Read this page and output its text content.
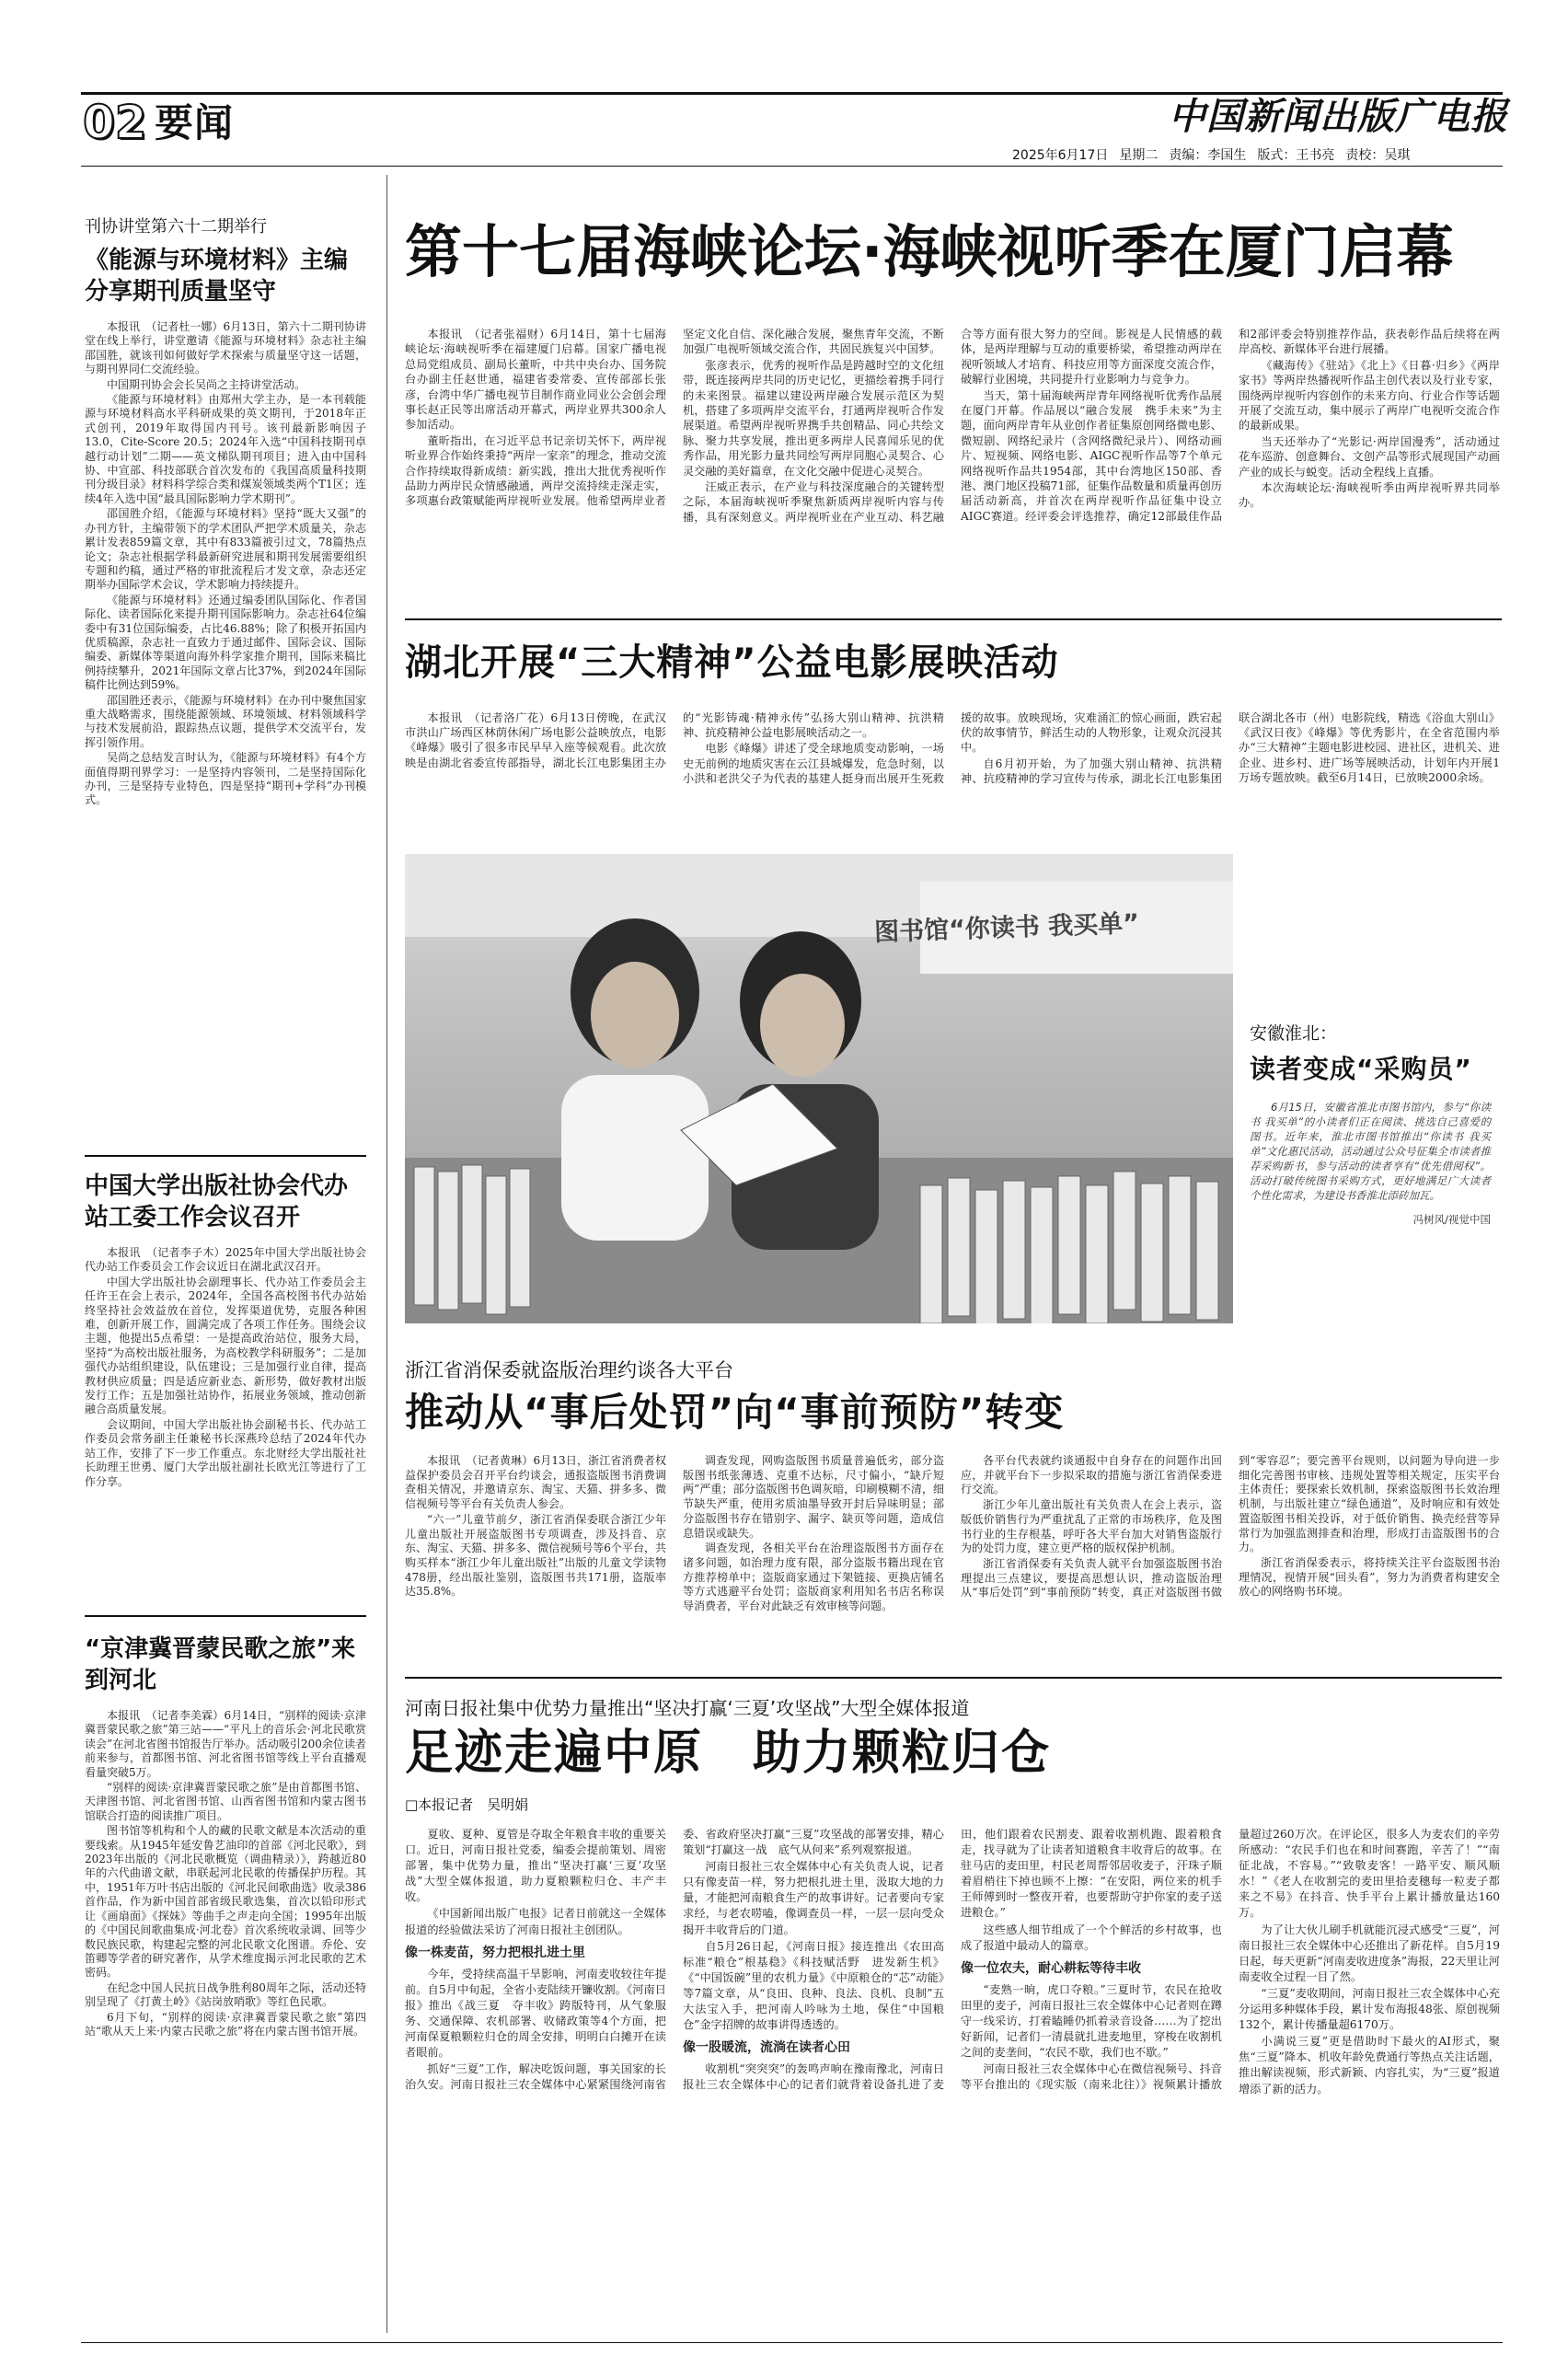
02 要闻	中国新闻出版广电报
2025年6月17日 星期二 责编：李国生 版式：王书亮 责校：吴琪
刊协讲堂第六十二期举行
《能源与环境材料》主编分享期刊质量坚守

本报讯　（记者杜一娜）6月13日，第六十二期刊协讲堂在线上举行，讲堂邀请《能源与环境材料》杂志社主编邵国胜，就该刊如何做好学术探索与质量坚守这一话题，与期刊界同仁交流经验。

中国期刊协会会长吴尚之主持讲堂活动。

《能源与环境材料》由郑州大学主办，是一本刊载能源与环境材料高水平科研成果的英文期刊，于2018年正式创刊，2019年取得国内刊号。该刊最新影响因子13.0，Cite-Score 20.5；2024年入选“中国科技期刊卓越行动计划”二期——英文梯队期刊项目；进入由中国科协、中宣部、科技部联合首次发布的《我国高质量科技期刊分级目录》材料科学综合类和煤炭领域类两个T1区；连续4年入选中国“最具国际影响力学术期刊”。

邵国胜介绍，《能源与环境材料》坚持“既大又强”的办刊方针，主编带领下的学术团队严把学术质量关，杂志累计发表859篇文章，其中有833篇被引过文，78篇热点论文；杂志社根据学科最新研究进展和期刊发展需要组织专题和约稿，通过严格的审批流程后才发文章，杂志还定期举办国际学术会议，学术影响力持续提升。

《能源与环境材料》还通过编委团队国际化、作者国际化、读者国际化来提升期刊国际影响力。杂志社64位编委中有31位国际编委，占比46.88%；除了积极开拓国内优质稿源，杂志社一直致力于通过邮件、国际会议、国际编委、新媒体等渠道向海外科学家推介期刊，国际来稿比例持续攀升，2021年国际文章占比37%，到2024年国际稿件比例达到59%。

邵国胜还表示，《能源与环境材料》在办刊中聚焦国家重大战略需求，围绕能源领域、环境领域、材料领域科学与技术发展前沿，跟踪热点议题，提供学术交流平台，发挥引领作用。

吴尚之总结发言时认为，《能源与环境材料》有4个方面值得期刊界学习：一是坚持内容领刊，二是坚持国际化办刊，三是坚持专业特色，四是坚持“期刊+学科”办刊模式。

中国大学出版社协会代办站工委工作会议召开

本报讯　（记者李子木）2025年中国大学出版社协会代办站工作委员会工作会议近日在湖北武汉召开。

中国大学出版社协会副理事长、代办站工作委员会主任许王在会上表示，2024年，全国各高校图书代办站始终坚持社会效益放在首位，发挥渠道优势，克服各种困难，创新开展工作，圆满完成了各项工作任务。围绕会议主题，他提出5点希望：一是提高政治站位，服务大局，坚持“为高校出版社服务，为高校教学科研服务”；二是加强代办站组织建设，队伍建设；三是加强行业自律，提高教材供应质量；四是适应新业态、新形势，做好教材出版发行工作；五是加强社站协作，拓展业务领域，推动创新融合高质量发展。

会议期间，中国大学出版社协会副秘书长、代办站工作委员会常务副主任兼秘书长深燕玲总结了2024年代办站工作，安排了下一步工作重点。东北财经大学出版社社长助理王世勇、厦门大学出版社副社长欧光江等进行了工作分享。

“京津冀晋蒙民歌之旅”来到河北

本报讯　（记者李美霖）6月14日，“别样的阅读·京津冀晋蒙民歌之旅”第三站——“平凡上的音乐会·河北民歌赏读会”在河北省图书馆报告厅举办。活动吸引200余位读者前来参与，首都图书馆、河北省图书馆等线上平台直播观看量突破5万。

“别样的阅读·京津冀晋蒙民歌之旅”是由首都图书馆、天津图书馆、河北省图书馆、山西省图书馆和内蒙古图书馆联合打造的阅读推广项目。

图书馆等机构和个人的藏的民歌文献是本次活动的重要线索。从1945年延安鲁艺油印的首部《河北民歌》，到2023年出版的《河北民歌概览（调曲精录）》，跨越近80年的六代曲谱文献，串联起河北民歌的传播保护历程。其中，1951年万叶书店出版的《河北民间歌曲选》收录386首作品，作为新中国首部省级民歌选集，首次以铅印形式让《画扇面》《探妹》等曲手之声走向全国；1995年出版的《中国民间歌曲集成·河北卷》首次系统收录调、回等少数民族民歌，构建起完整的河北民歌文化图谱。乔伦、安笛卿等学者的研究著作，从学术维度揭示河北民歌的艺术密码。

在纪念中国人民抗日战争胜利80周年之际，活动还特别呈现了《打黄土岭》《站岗放哨歌》等红色民歌。

6月下旬，“别样的阅读·京津冀晋蒙民歌之旅”第四站“歌从天上来·内蒙古民歌之旅”将在内蒙古图书馆开展。

第十七届海峡论坛·海峡视听季在厦门启幕

本报讯　（记者张福财）6月14日，第十七届海峡论坛·海峡视听季在福建厦门启幕。国家广播电视总局党组成员、副局长董昕，中共中央台办、国务院台办副主任赵世通，福建省委常委、宣传部部长张彦，台湾中华广播电视节目制作商业同业公会创会理事长赵正民等出席活动开幕式，两岸业界共300余人参加活动。

董昕指出，在习近平总书记亲切关怀下，两岸视听业界合作始终秉持“两岸一家亲”的理念，推动交流合作持续取得新成绩：新实践，推出大批优秀视听作品助力两岸民众情感融通，两岸交流持续走深走实，多项惠台政策赋能两岸视听业发展。他希望两岸业者坚定文化自信、深化融合发展，聚焦青年交流，不断加强广电视听领域交流合作，共固民族复兴中国梦。

张彦表示，优秀的视听作品是跨越时空的文化纽带，既连接两岸共同的历史记忆，更描绘着携手同行的未来图景。福建以建设两岸融合发展示范区为契机，搭建了多项两岸交流平台，打通两岸视听合作发展渠道。希望两岸视听界携手共创精品、同心共绘文脉、聚力共享发展，推出更多两岸人民喜闻乐见的优秀作品，用光影力量共同绘写两岸同胞心灵契合、心灵交融的美好篇章，在文化交融中促进心灵契合。

汪威正表示，在产业与科技深度融合的关键转型之际，本届海峡视听季聚焦新质两岸视听内容与传播，具有深刻意义。两岸视听业在产业互动、科艺融合等方面有很大努力的空间。影视是人民情感的载体，是两岸理解与互动的重要桥梁，希望推动两岸在视听领域人才培育、科技应用等方面深度交流合作，破解行业困境，共同提升行业影响力与竞争力。

当天，第十届海峡两岸青年网络视听优秀作品展在厦门开幕。作品展以“融合发展　携手未来”为主题，面向两岸青年从业创作者征集原创网络微电影、微短剧、网络纪录片（含网络微纪录片）、网络动画片、短视频、网络电影、AIGC视听作品等7个单元网络视听作品共1954部，其中台湾地区150部、香港、澳门地区投稿71部，征集作品数量和质量再创历届活动新高，并首次在两岸视听作品征集中设立AIGC赛道。经评委会评选推荐，确定12部最佳作品和2部评委会特别推荐作品，获表彰作品后续将在两岸高校、新媒体平台进行展播。

《藏海传》《驻站》《北上》《日暮·归乡》《两岸家书》等两岸热播视听作品主创代表以及行业专家，围绕两岸视听内容创作的未来方向、行业合作等话题开展了交流互动，集中展示了两岸广电视听交流合作的最新成果。

当天还举办了“光影记·两岸国漫秀”，活动通过花车巡游、创意舞台、文创产品等形式展现国产动画产业的成长与蜕变。活动全程线上直播。

本次海峡论坛·海峡视听季由两岸视听界共同举办。

湖北开展“三大精神”公益电影展映活动

本报讯　（记者洛广花）6月13日傍晚，在武汉市洪山广场西区林荫休闲广场电影公益映放点，电影《峰爆》吸引了很多市民早早入座等候观看。此次放映是由湖北省委宣传部指导，湖北长江电影集团主办的“光影铸魂·精神永传”弘扬大别山精神、抗洪精神、抗疫精神公益电影展映活动之一。

电影《峰爆》讲述了受全球地质变动影响，一场史无前例的地质灾害在云江县城爆发，危急时刻，以小洪和老洪父子为代表的基建人挺身而出展开生死救援的故事。放映现场，灾难涌汇的惊心画面，跌宕起伏的故事情节，鲜活生动的人物形象，让观众沉浸其中。

自6月初开始，为了加强大别山精神、抗洪精神、抗疫精神的学习宣传与传承，湖北长江电影集团联合湖北各市（州）电影院线，精选《浴血大别山》《武汉日夜》《峰爆》等优秀影片，在全省范围内举办“三大精神”主题电影进校园、进社区，进机关、进企业、进乡村、进广场等展映活动，计划年内开展1万场专题放映。截至6月14日，已放映2000余场。

图书馆“你读书 我买单”
安徽淮北：
读者变成“采购员”
6月15日，安徽省淮北市图书馆内，参与“你读书 我买单”的小读者们正在阅读、挑选自己喜爱的图书。近年来，淮北市图书馆推出“你读书 我买单”文化惠民活动，活动通过公众号征集全市读者推荐采购新书，参与活动的读者享有“优先借阅权”。活动打破传统图书采购方式，更好地满足广大读者个性化需求，为建设书香淮北添砖加瓦。
冯树风/视觉中国
浙江省消保委就盗版治理约谈各大平台
推动从“事后处罚”向“事前预防”转变

本报讯　（记者黄琳）6月13日，浙江省消费者权益保护委员会召开平台约谈会，通报盗版图书消费调查相关情况，并邀请京东、淘宝、天猫、拼多多、微信视频号等平台有关负责人参会。

“六一”儿童节前夕，浙江省消保委联合浙江少年儿童出版社开展盗版图书专项调查，涉及抖音、京东、淘宝、天猫、拼多多、微信视频号等6个平台，共购买样本“浙江少年儿童出版社”出版的儿童文学读物478册，经出版社鉴别，盗版图书共171册，盗版率达35.8%。

调查发现，网购盗版图书质量普遍低劣，部分盗版图书纸张薄透、克重不达标，尺寸偏小，“缺斤短两”严重；部分盗版图书色调灰暗，印刷模糊不清，细节缺失严重，使用劣质油墨导致开封后异味明显；部分盗版图书存在错别字、漏字、缺页等问题，造成信息错误或缺失。

调查发现，各相关平台在治理盗版图书方面存在诸多问题，如治理力度有限，部分盗版书籍出现在官方推荐榜单中；盗版商家通过下架链接、更换店铺名等方式逃避平台处罚；盗版商家利用知名书店名称误导消费者，平台对此缺乏有效审核等问题。

各平台代表就约谈通报中自身存在的问题作出回应，并就平台下一步拟采取的措施与浙江省消保委进行交流。

浙江少年儿童出版社有关负责人在会上表示，盗版低价销售行为严重扰乱了正常的市场秩序，危及图书行业的生存根基，呼吁各大平台加大对销售盗版行为的处罚力度，建立更严格的版权保护机制。

浙江省消保委有关负责人就平台加强盗版图书治理提出三点建议，要提高思想认识，推动盗版治理从“事后处罚”到“事前预防”转变，真正对盗版图书做到“零容忍”；要完善平台规则，以问题为导向进一步细化完善图书审核、违规处置等相关规定，压实平台主体责任；要探索长效机制，探索盗版图书长效治理机制，与出版社建立“绿色通道”，及时响应和有效处置盗版图书相关投诉，对于低价销售、换壳经营等异常行为加强监测排查和治理，形成打击盗版图书的合力。

浙江省消保委表示，将持续关注平台盗版图书治理情况，视情开展“回头看”，努力为消费者构建安全放心的网络购书环境。

河南日报社集中优势力量推出“坚决打赢‘三夏’攻坚战”大型全媒体报道
足迹走遍中原　助力颗粒归仓
□本报记者　吴明娟

夏收、夏种、夏管是夺取全年粮食丰收的重要关口。近日，河南日报社党委，编委会提前策划、周密部署，集中优势力量，推出“坚决打赢‘三夏’攻坚战”大型全媒体报道，助力夏粮颗粒归仓、丰产丰收。

《中国新闻出版广电报》记者日前就这一全媒体报道的经验做法采访了河南日报社主创团队。

像一株麦苗，努力把根扎进土里

今年，受持续高温干旱影响，河南麦收较往年提前。自5月中旬起，全省小麦陆续开镰收割。《河南日报》推出《战三夏　夺丰收》跨版特刊，从气象服务、交通保障、农机部署、收储政策等4个方面，把河南保夏粮颗粒归仓的周全安排，明明白白摊开在读者眼前。

抓好“三夏”工作，解决吃饭问题，事关国家的长治久安。河南日报社三农全媒体中心紧紧围绕河南省委、省政府坚决打赢“三夏”攻坚战的部署安排，精心策划“打赢这一战　底气从何来”系列观察报道。

河南日报社三农全媒体中心有关负责人说，记者只有像麦苗一样，努力把根扎进土里，汲取大地的力量，才能把河南粮食生产的故事讲好。记者要向专家求经，与老农唠嗑，像调查员一样，一层一层向受众揭开丰收背后的门道。

自5月26日起，《河南日报》接连推出《农田高标准“粮仓”根基稳》《科技赋活野　进发新生机》《“中国饭碗”里的农机力量》《中原粮仓的“芯”动能》等7篇文章，从“良田、良种、良法、良机、良制”五大法宝入手，把河南人吟咏为土地，保住“中国粮仓”金字招牌的故事讲得透透的。

像一股暖流，流淌在读者心田

收割机“突突突”的轰鸣声响在豫南豫北，河南日报社三农全媒体中心的记者们就背着设备扎进了麦田，他们跟着农民割麦、跟着收割机跑、跟着粮食走，找寻就为了让读者知道粮食丰收背后的故事。在驻马店的麦田里，村民老周帮邻居收麦子，汗珠子顺着眉梢往下掉也顾不上擦：“在安阳，两位来的机手王师傅到时一整夜开着，也要帮助守护你家的麦子送进粮仓。”

这些感人细节组成了一个个鲜活的乡村故事，也成了报道中最动人的篇章。

像一位农夫，耐心耕耘等待丰收

“麦熟一晌，虎口夺粮。”三夏时节，农民在抢收田里的麦子，河南日报社三农全媒体中心记者则在蹲守一线采访，打着瞌睡仍抓着录音设备……为了挖出好新闻，记者们一清晨就扎进麦地里，穿梭在收割机之间的麦垄间，“农民不歇，我们也不歇。”

河南日报社三农全媒体中心在微信视频号、抖音等平台推出的《现实版（南来北往）》视频累计播放量超过260万次。在评论区，很多人为麦农们的辛劳所感动：“农民手们也在和时间赛跑，辛苦了！”“南征北战，不容易。”“致敬麦客！一路平安、顺风顺水！”《老人在收割完的麦田里拾麦穗每一粒麦子都来之不易》在抖音、快手平台上累计播放量达160万。

为了让大伙儿刷手机就能沉浸式感受“三夏”，河南日报社三农全媒体中心还推出了新花样。自5月19日起，每天更新“河南麦收进度条”海报，22天里让河南麦收全过程一目了然。

“三夏”麦收期间，河南日报社三农全媒体中心充分运用多种媒体手段，累计发布海报48张、原创视频132个，累计传播量超6170万。

小满说三夏”更是借助时下最火的AI形式，聚焦“三夏”降本、机收年龄免费通行等热点关注话题，推出解读视频，形式新颖、内容扎实，为“三夏”报道增添了新的活力。
